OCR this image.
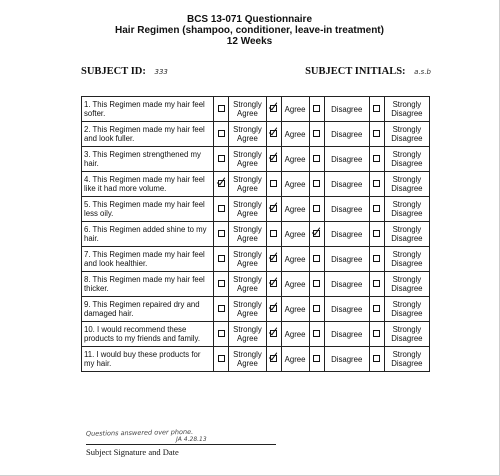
BCS 13-071 Questionnaire
Hair Regimen (shampoo, conditioner, leave-in treatment)
12 Weeks
SUBJECT ID: 333	SUBJECT INITIALS: a.s.b
1. This Regimen made my hair feel softer.		Strongly Agree		Agree		Disagree		Strongly Disagree
2. This Regimen made my hair feel and look fuller.		Strongly Agree		Agree		Disagree		Strongly Disagree
3. This Regimen strengthened my hair.		Strongly Agree		Agree		Disagree		Strongly Disagree
4. This Regimen made my hair feel like it had more volume.		Strongly Agree		Agree		Disagree		Strongly Disagree
5. This Regimen made my hair feel less oily.		Strongly Agree		Agree		Disagree		Strongly Disagree
6. This Regimen added shine to my hair.		Strongly Agree		Agree		Disagree		Strongly Disagree
7. This Regimen made my hair feel and look healthier.		Strongly Agree		Agree		Disagree		Strongly Disagree
8. This Regimen made my hair feel thicker.		Strongly Agree		Agree		Disagree		Strongly Disagree
9. This Regimen repaired dry and damaged hair.		Strongly Agree		Agree		Disagree		Strongly Disagree
10. I would recommend these products to my friends and family.		Strongly Agree		Agree		Disagree		Strongly Disagree
11. I would buy these products for my hair.		Strongly Agree		Agree		Disagree		Strongly Disagree
Questions answered over phone.
JA 4.28.13
Subject Signature and Date
